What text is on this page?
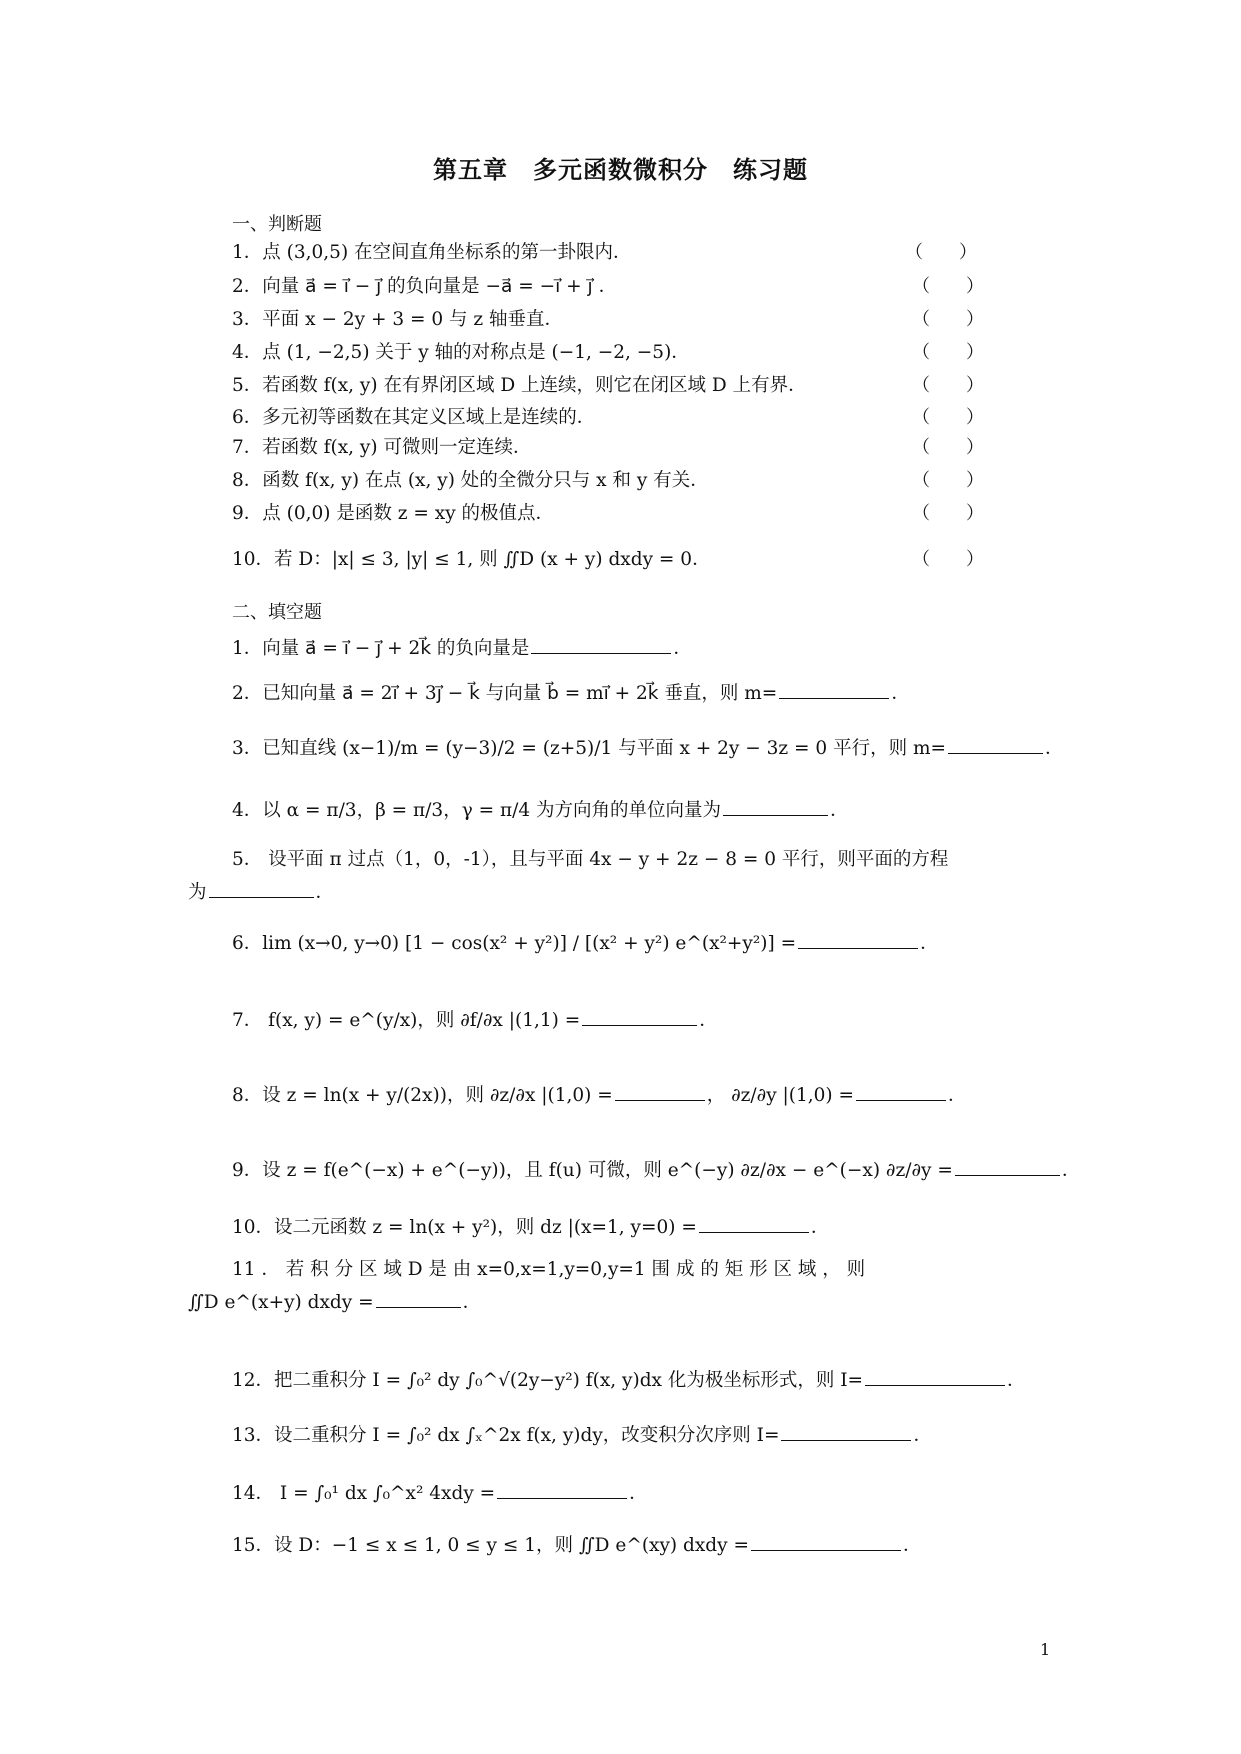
第五章　多元函数微积分　练习题
一、判断题
1．点 (3,0,5) 在空间直角坐标系的第一卦限内．	（　　）
2．向量 a⃗ = i⃗ − j⃗ 的负向量是 −a⃗ = −i⃗ + j⃗ ．	（　　）
3．平面 x − 2y + 3 = 0 与 z 轴垂直．	（　　）
4．点 (1, −2,5) 关于 y 轴的对称点是 (−1, −2, −5)．	（　　）
5．若函数 f(x, y) 在有界闭区域 D 上连续，则它在闭区域 D 上有界．	（　　）
6．多元初等函数在其定义区域上是连续的．	（　　）
7．若函数 f(x, y) 可微则一定连续．	（　　）
8．函数 f(x, y) 在点 (x, y) 处的全微分只与 x 和 y 有关．	（　　）
9．点 (0,0) 是函数 z = xy 的极值点．	（　　）
10．若 D：|x| ≤ 3, |y| ≤ 1, 则 ∬D (x + y) dxdy = 0．	（　　）
二、填空题
1．向量 a⃗ = i⃗ − j⃗ + 2k⃗ 的负向量是	．
2．已知向量 a⃗ = 2i⃗ + 3j⃗ − k⃗ 与向量 b⃗ = mi⃗ + 2k⃗ 垂直，则 m=	．
3．已知直线 (x−1)/m = (y−3)/2 = (z+5)/1 与平面 x + 2y − 3z = 0 平行，则 m=	．
4．以 α = π/3，β = π/3，γ = π/4 为方向角的单位向量为	．
5． 设平面 π 过点（1，0，-1），且与平面 4x − y + 2z − 8 = 0 平行，则平面的方程
为	．
6．lim (x→0, y→0) [1 − cos(x² + y²)] / [(x² + y²) e^(x²+y²)] =	．
7． f(x, y) = e^(y/x)，则 ∂f/∂x |(1,1) =	．
8．设 z = ln(x + y/(2x))，则 ∂z/∂x |(1,0) =	， ∂z/∂y |(1,0) =	．
9．设 z = f(e^(−x) + e^(−y))，且 f(u) 可微，则 e^(−y) ∂z/∂x − e^(−x) ∂z/∂y =	．
10．设二元函数 z = ln(x + y²)，则 dz |(x=1, y=0) =	．
11 ． 若 积 分 区 域 D 是 由 x=0,x=1,y=0,y=1 围 成 的 矩 形 区 域 ， 则
∬D e^(x+y) dxdy =	．
12．把二重积分 I = ∫₀² dy ∫₀^√(2y−y²) f(x, y)dx 化为极坐标形式，则 I=	．
13．设二重积分 I = ∫₀² dx ∫ₓ^2x f(x, y)dy，改变积分次序则 I=	．
14． I = ∫₀¹ dx ∫₀^x² 4xdy =	．
15．设 D：−1 ≤ x ≤ 1, 0 ≤ y ≤ 1，则 ∬D e^(xy) dxdy =	．
1
